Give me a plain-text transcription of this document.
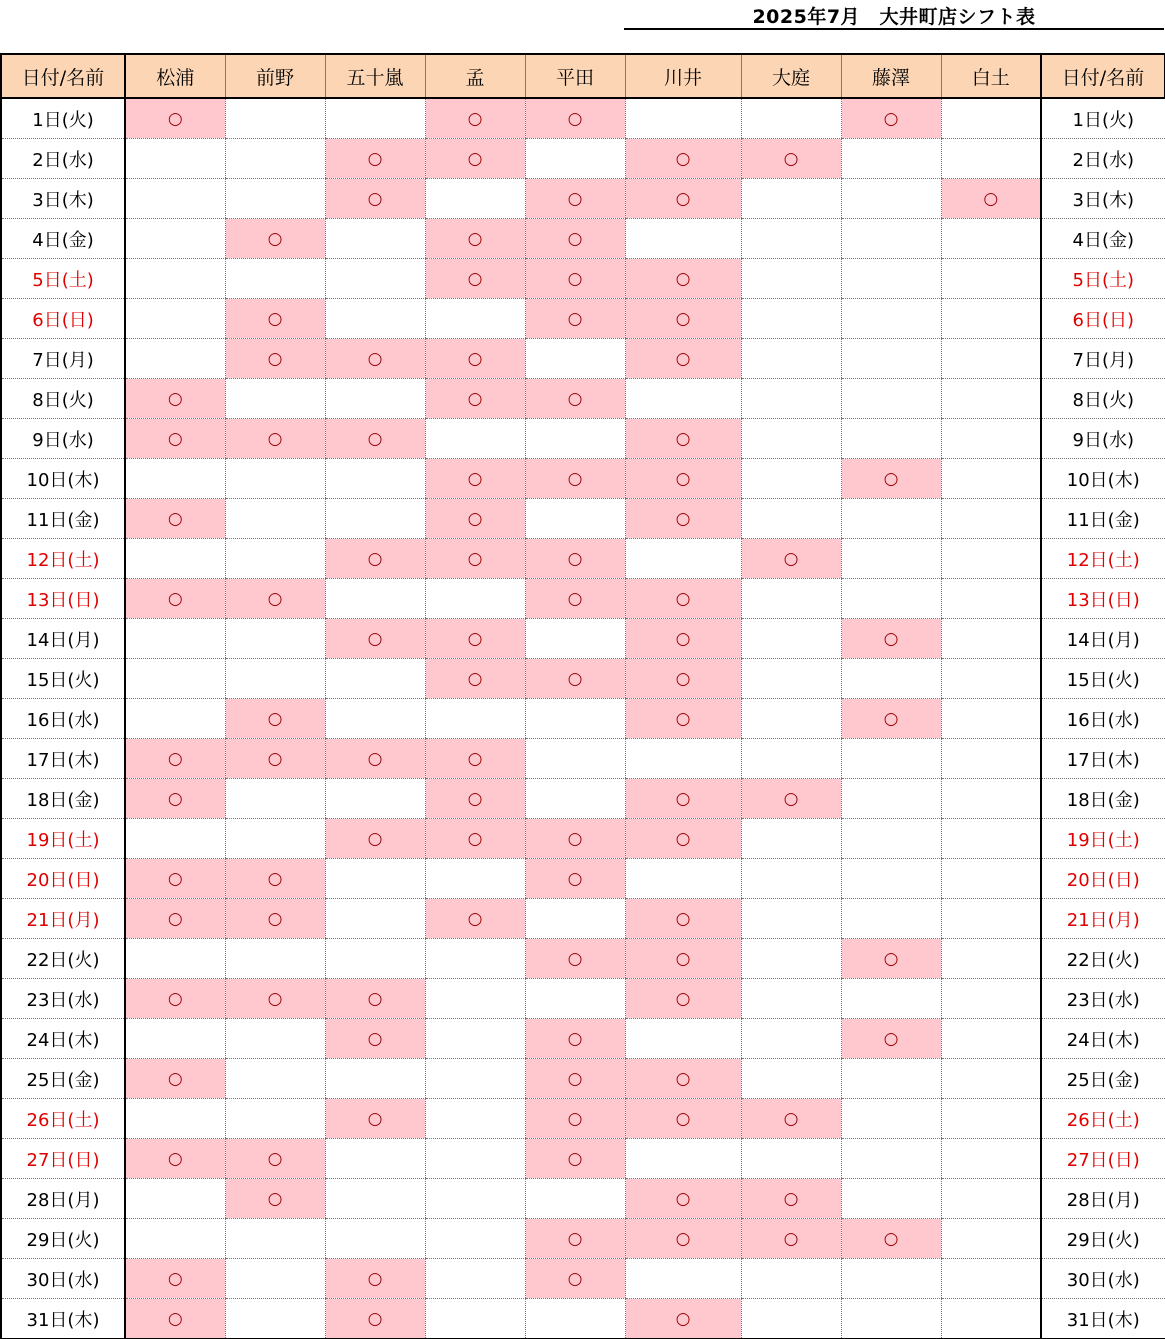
2025年7月　大井町店シフト表
日付/名前	松浦	前野	五十嵐	孟	平田	川井	大庭	藤澤	白土	日付/名前
1日(火)	○			○	○			○		1日(火)
2日(水)			○	○		○	○			2日(水)
3日(木)			○		○	○			○	3日(木)
4日(金)		○		○	○					4日(金)
5日(土)				○	○	○				5日(土)
6日(日)		○			○	○				6日(日)
7日(月)		○	○	○		○				7日(月)
8日(火)	○			○	○					8日(火)
9日(水)	○	○	○			○				9日(水)
10日(木)				○	○	○		○		10日(木)
11日(金)	○			○		○				11日(金)
12日(土)			○	○	○		○			12日(土)
13日(日)	○	○			○	○				13日(日)
14日(月)			○	○		○		○		14日(月)
15日(火)				○	○	○				15日(火)
16日(水)		○				○		○		16日(水)
17日(木)	○	○	○	○						17日(木)
18日(金)	○			○		○	○			18日(金)
19日(土)			○	○	○	○				19日(土)
20日(日)	○	○			○					20日(日)
21日(月)	○	○		○		○				21日(月)
22日(火)					○	○		○		22日(火)
23日(水)	○	○	○			○				23日(水)
24日(木)			○		○			○		24日(木)
25日(金)	○				○	○				25日(金)
26日(土)			○		○	○	○			26日(土)
27日(日)	○	○			○					27日(日)
28日(月)		○				○	○			28日(月)
29日(火)					○	○	○	○		29日(火)
30日(水)	○		○		○					30日(水)
31日(木)	○		○			○				31日(木)
